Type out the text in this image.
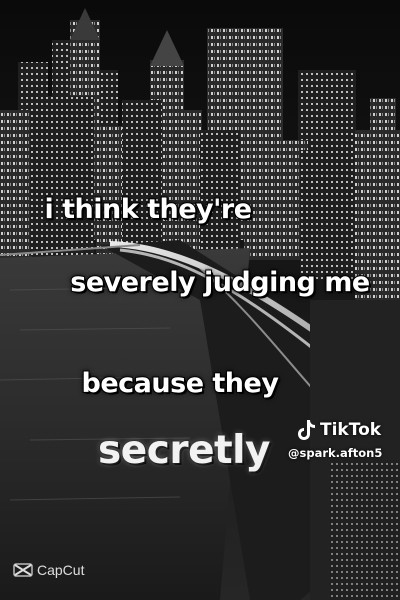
i think they're
severely judging me
because they
secretly	TikTok
@spark.afton5
CapCut
